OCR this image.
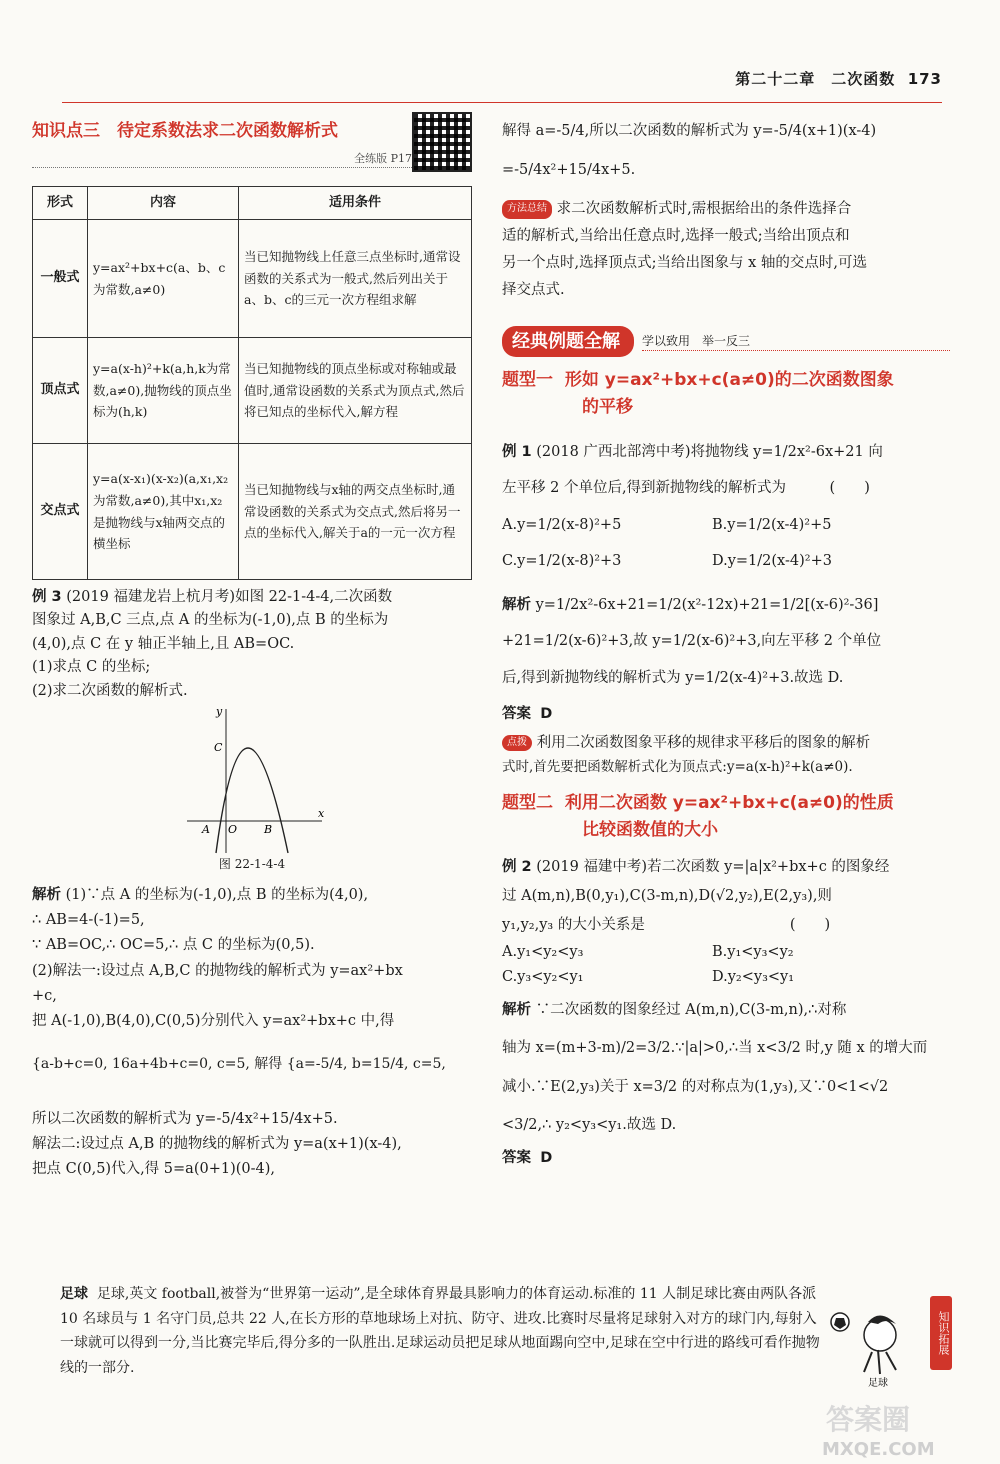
第二十二章　二次函数 173
知识点三　待定系数法求二次函数解析式
全练版 P17
形式	内容	适用条件
一般式	y=ax²+bx+c(a、b、c为常数,a≠0)	当已知抛物线上任意三点坐标时,通常设函数的关系式为一般式,然后列出关于a、b、c的三元一次方程组求解
顶点式	y=a(x-h)²+k(a,h,k为常数,a≠0),抛物线的顶点坐标为(h,k)	当已知抛物线的顶点坐标或对称轴或最值时,通常设函数的关系式为顶点式,然后将已知点的坐标代入,解方程
交点式	y=a(x-x₁)(x-x₂)(a,x₁,x₂为常数,a≠0),其中x₁,x₂是抛物线与x轴两交点的横坐标	当已知抛物线与x轴的两交点坐标时,通常设函数的关系式为交点式,然后将另一点的坐标代入,解关于a的一元一次方程

例 3 (2019 福建龙岩上杭月考)如图 22-1-4-4,二次函数

图象过 A,B,C 三点,点 A 的坐标为(-1,0),点 B 的坐标为

(4,0),点 C 在 y 轴正半轴上,且 AB=OC.

(1)求点 C 的坐标;

(2)求二次函数的解析式.

x
y
O
A	B
C

图 22-1-4-4

解析 (1)∵点 A 的坐标为(-1,0),点 B 的坐标为(4,0),

∴ AB=4-(-1)=5,

∵ AB=OC,∴ OC=5,∴ 点 C 的坐标为(0,5).

(2)解法一:设过点 A,B,C 的抛物线的解析式为 y=ax²+bx

+c,

把 A(-1,0),B(4,0),C(0,5)分别代入 y=ax²+bx+c 中,得

{a-b+c=0, 16a+4b+c=0, c=5, 解得 {a=-5/4, b=15/4, c=5,

所以二次函数的解析式为 y=-5/4x²+15/4x+5.

解法二:设过点 A,B 的抛物线的解析式为 y=a(x+1)(x-4),

把点 C(0,5)代入,得 5=a(0+1)(0-4),

解得 a=-5/4,所以二次函数的解析式为 y=-5/4(x+1)(x-4)

=-5/4x²+15/4x+5.

方法总结 求二次函数解析式时,需根据给出的条件选择合

适的解析式,当给出任意点时,选择一般式;当给出顶点和

另一个点时,选择顶点式;当给出图象与 x 轴的交点时,可选

择交点式.

经典例题全解	学以致用　举一反三

题型一 形如 y=ax²+bx+c(a≠0)的二次函数图象

的平移

例 1 (2018 广西北部湾中考)将抛物线 y=1/2x²-6x+21 向

左平移 2 个单位后,得到新抛物线的解析式为　　　(　　)

A.y=1/2(x-8)²+5	B.y=1/2(x-4)²+5

C.y=1/2(x-8)²+3	D.y=1/2(x-4)²+3

解析 y=1/2x²-6x+21=1/2(x²-12x)+21=1/2[(x-6)²-36]

+21=1/2(x-6)²+3,故 y=1/2(x-6)²+3,向左平移 2 个单位

后,得到新抛物线的解析式为 y=1/2(x-4)²+3.故选 D.

答案 D

点拨 利用二次函数图象平移的规律求平移后的图象的解析

式时,首先要把函数解析式化为顶点式:y=a(x-h)²+k(a≠0).

题型二 利用二次函数 y=ax²+bx+c(a≠0)的性质

比较函数值的大小

例 2 (2019 福建中考)若二次函数 y=|a|x²+bx+c 的图象经

过 A(m,n),B(0,y₁),C(3-m,n),D(√2,y₂),E(2,y₃),则

y₁,y₂,y₃ 的大小关系是　　　　　　　　　　(　　)

A.y₁<y₂<y₃	B.y₁<y₃<y₂

C.y₃<y₂<y₁	D.y₂<y₃<y₁

解析 ∵二次函数的图象经过 A(m,n),C(3-m,n),∴对称

轴为 x=(m+3-m)/2=3/2.∵|a|>0,∴当 x<3/2 时,y 随 x 的增大而

减小.∵E(2,y₃)关于 x=3/2 的对称点为(1,y₃),又∵0<1<√2

<3/2,∴ y₂<y₃<y₁.故选 D.

答案 D

足球 足球,英文 football,被誉为“世界第一运动”,是全球体育界最具影响力的体育运动.标准的 11 人制足球比赛由两队各派 10 名球员与 1 名守门员,总共 22 人,在长方形的草地球场上对抗、防守、进攻.比赛时尽量将足球射入对方的球门内,每射入一球就可以得到一分,当比赛完毕后,得分多的一队胜出.足球运动员把足球从地面踢向空中,足球在空中行进的路线可看作抛物线的一部分.
足球
知识拓展
答案圈
MXQE.COM
